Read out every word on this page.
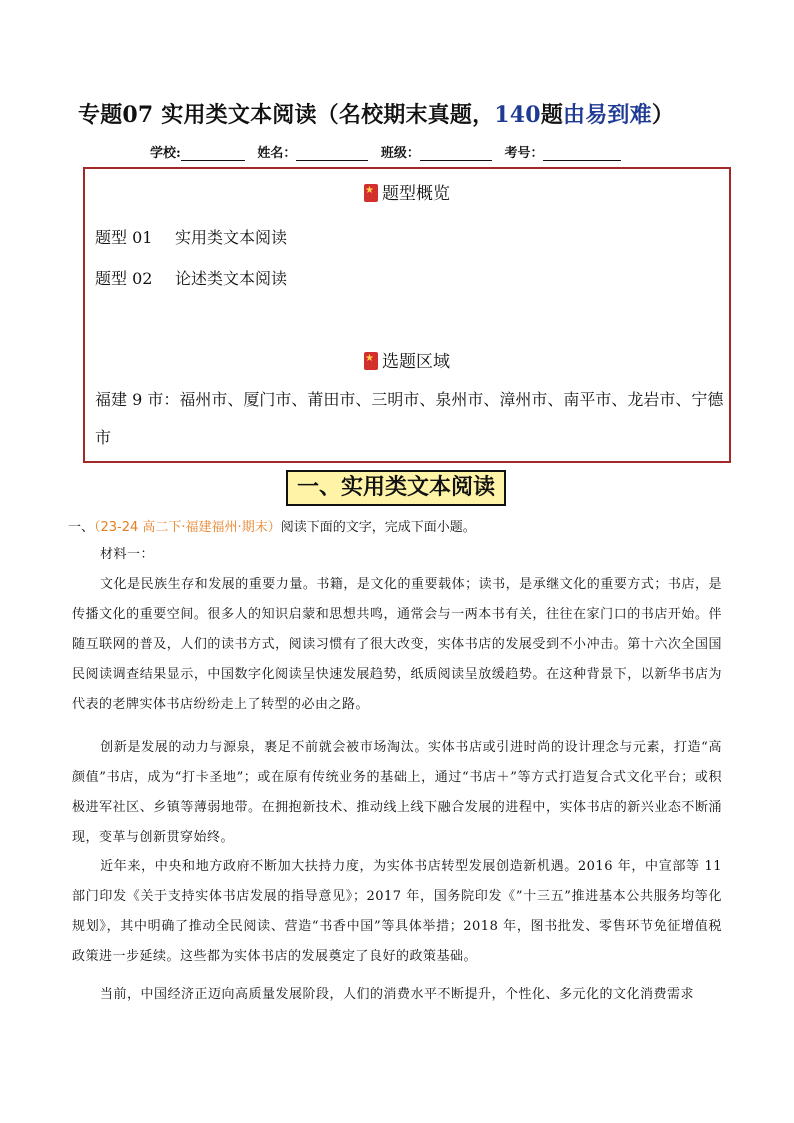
专题07 实用类文本阅读（名校期末真题，140题由易到难）
学校:	姓名：	班级：	考号：
★题型概览
题型 01 实用类文本阅读
题型 02 论述类文本阅读
★选题区域
福建 9 市：福州市、厦门市、莆田市、三明市、泉州市、漳州市、南平市、龙岩市、宁德市
一、实用类文本阅读
一、（23-24 高二下·福建福州·期末）阅读下面的文字，完成下面小题。
材料一：
文化是民族生存和发展的重要力量。书籍，是文化的重要载体；读书，是承继文化的重要方式；书店，是传播文化的重要空间。很多人的知识启蒙和思想共鸣，通常会与一两本书有关，往往在家门口的书店开始。伴随互联网的普及，人们的读书方式，阅读习惯有了很大改变，实体书店的发展受到不小冲击。第十六次全国国民阅读调查结果显示，中国数字化阅读呈快速发展趋势，纸质阅读呈放缓趋势。在这种背景下，以新华书店为代表的老牌实体书店纷纷走上了转型的必由之路。
创新是发展的动力与源泉，裹足不前就会被市场淘汰。实体书店或引进时尚的设计理念与元素，打造“高颜值”书店，成为“打卡圣地”；或在原有传统业务的基础上，通过“书店＋”等方式打造复合式文化平台；或积极进军社区、乡镇等薄弱地带。在拥抱新技术、推动线上线下融合发展的进程中，实体书店的新兴业态不断涌现，变革与创新贯穿始终。
近年来，中央和地方政府不断加大扶持力度，为实体书店转型发展创造新机遇。2016 年，中宣部等 11 部门印发《关于支持实体书店发展的指导意见》；2017 年，国务院印发《”十三五”推进基本公共服务均等化规划》，其中明确了推动全民阅读、营造“书香中国”等具体举措；2018 年，图书批发、零售环节免征增值税政策进一步延续。这些都为实体书店的发展奠定了良好的政策基础。
当前，中国经济正迈向高质量发展阶段，人们的消费水平不断提升，个性化、多元化的文化消费需求
